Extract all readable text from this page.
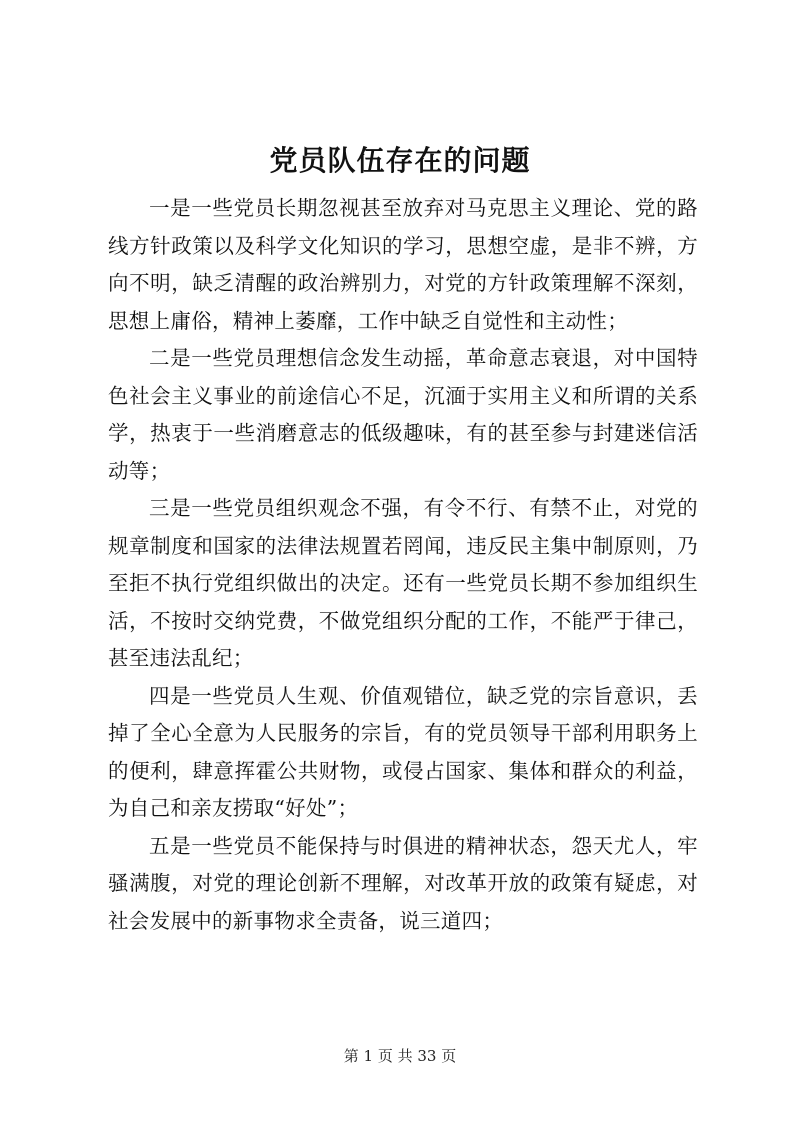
党员队伍存在的问题

一是一些党员长期忽视甚至放弃对马克思主义理论、党的路线方针政策以及科学文化知识的学习，思想空虚，是非不辨，方向不明，缺乏清醒的政治辨别力，对党的方针政策理解不深刻，思想上庸俗，精神上萎靡，工作中缺乏自觉性和主动性；

二是一些党员理想信念发生动摇，革命意志衰退，对中国特色社会主义事业的前途信心不足，沉湎于实用主义和所谓的关系学，热衷于一些消磨意志的低级趣味，有的甚至参与封建迷信活动等；

三是一些党员组织观念不强，有令不行、有禁不止，对党的规章制度和国家的法律法规置若罔闻，违反民主集中制原则，乃至拒不执行党组织做出的决定。还有一些党员长期不参加组织生活，不按时交纳党费，不做党组织分配的工作，不能严于律己，甚至违法乱纪；

四是一些党员人生观、价值观错位，缺乏党的宗旨意识，丢掉了全心全意为人民服务的宗旨，有的党员领导干部利用职务上的便利，肆意挥霍公共财物，或侵占国家、集体和群众的利益，为自己和亲友捞取“好处”；

五是一些党员不能保持与时俱进的精神状态，怨天尤人，牢骚满腹，对党的理论创新不理解，对改革开放的政策有疑虑，对社会发展中的新事物求全责备，说三道四；

第 1 页 共 33 页
